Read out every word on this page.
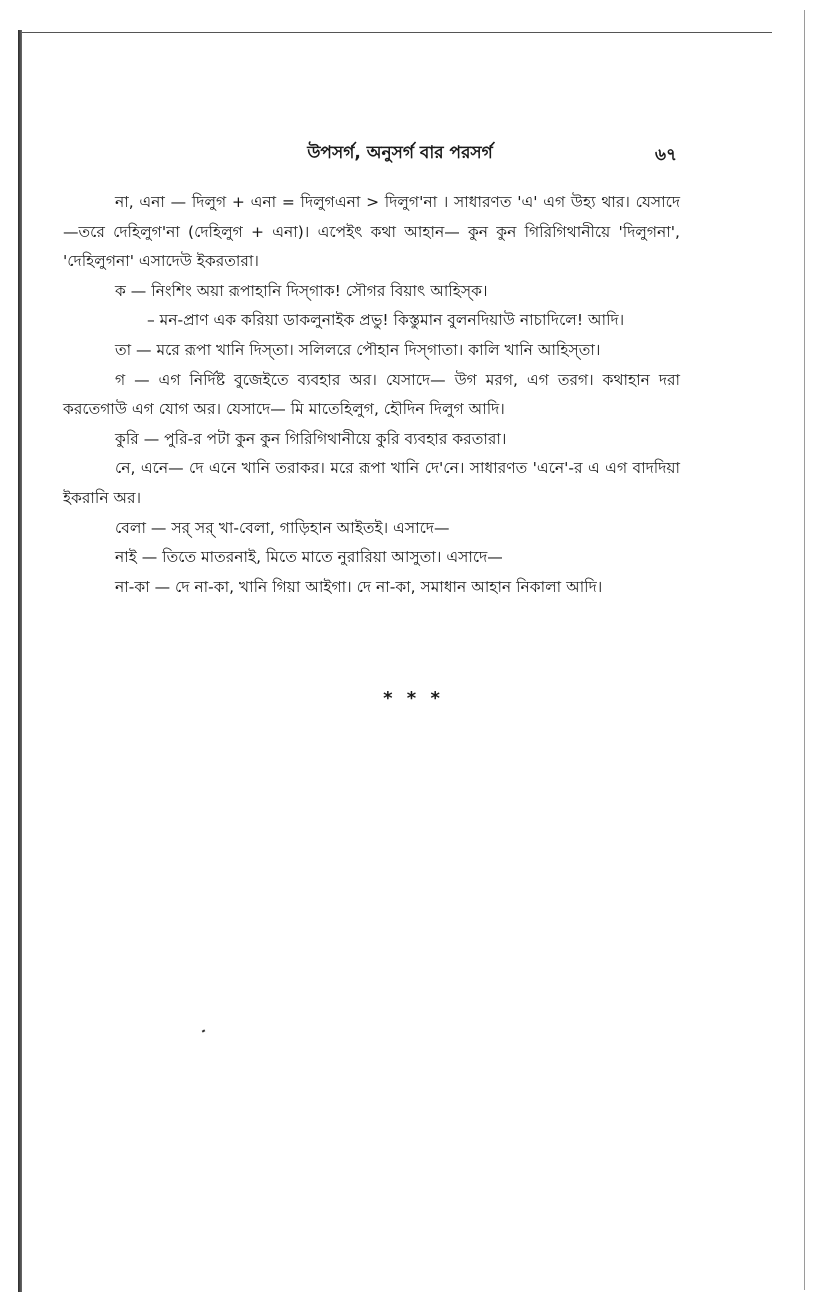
উপসর্গ, অনুসর্গ বার পরসর্গ	৬৭

না, এনা — দিলুগ + এনা = দিলুগএনা > দিলুগ'না । সাধারণত 'এ' এগ উহ্য থার। যেসাদে—তরে দেহিলুগ'না (দেহিলুগ + এনা)। এপেইৎ কথা আহান— কুন কুন গিরিগিথানীয়ে 'দিলুগনা', 'দেহিলুগনা' এসাদেউ ইকরতারা।

ক — নিংশিং অয়া রূপাহানি দিস্‌গাক! সৌগর বিয়াৎ আহিস্‌ক।

– মন-প্রাণ এক করিয়া ডাকলুনাইক প্রভু! কিস্তুমান বুলনদিয়াউ নাচাদিলে! আদি।

তা — মরে রূপা খানি দিস্‌তা। সলিলরে পৌহান দিস্‌গাতা। কালি খানি আহিস্‌তা।

গ — এগ নির্দিষ্ট বুজেইতে ব্যবহার অর। যেসাদে— উগ মরগ, এগ তরগ। কথাহান দরা করতেগাউ এগ যোগ অর। যেসাদে— মি মাতেহিলুগ, হৌদিন দিলুগ আদি।

কুরি — পুরি-র পটা কুন কুন গিরিগিথানীয়ে কুরি ব্যবহার করতারা।

নে, এনে— দে এনে খানি তরাকর। মরে রূপা খানি দে'নে। সাধারণত 'এনে'-র এ এগ বাদদিয়া ইকরানি অর।

বেলা — সর্ সর্ খা-বেলা, গাড়িহান আইতই। এসাদে—

নাই — তিতে মাতরনাই, মিতে মাতে নুরারিয়া আসুতা। এসাদে—

না-কা — দে না-কা, খানি গিয়া আইগা। দে না-কা, সমাধান আহান নিকালা আদি।

* * *
